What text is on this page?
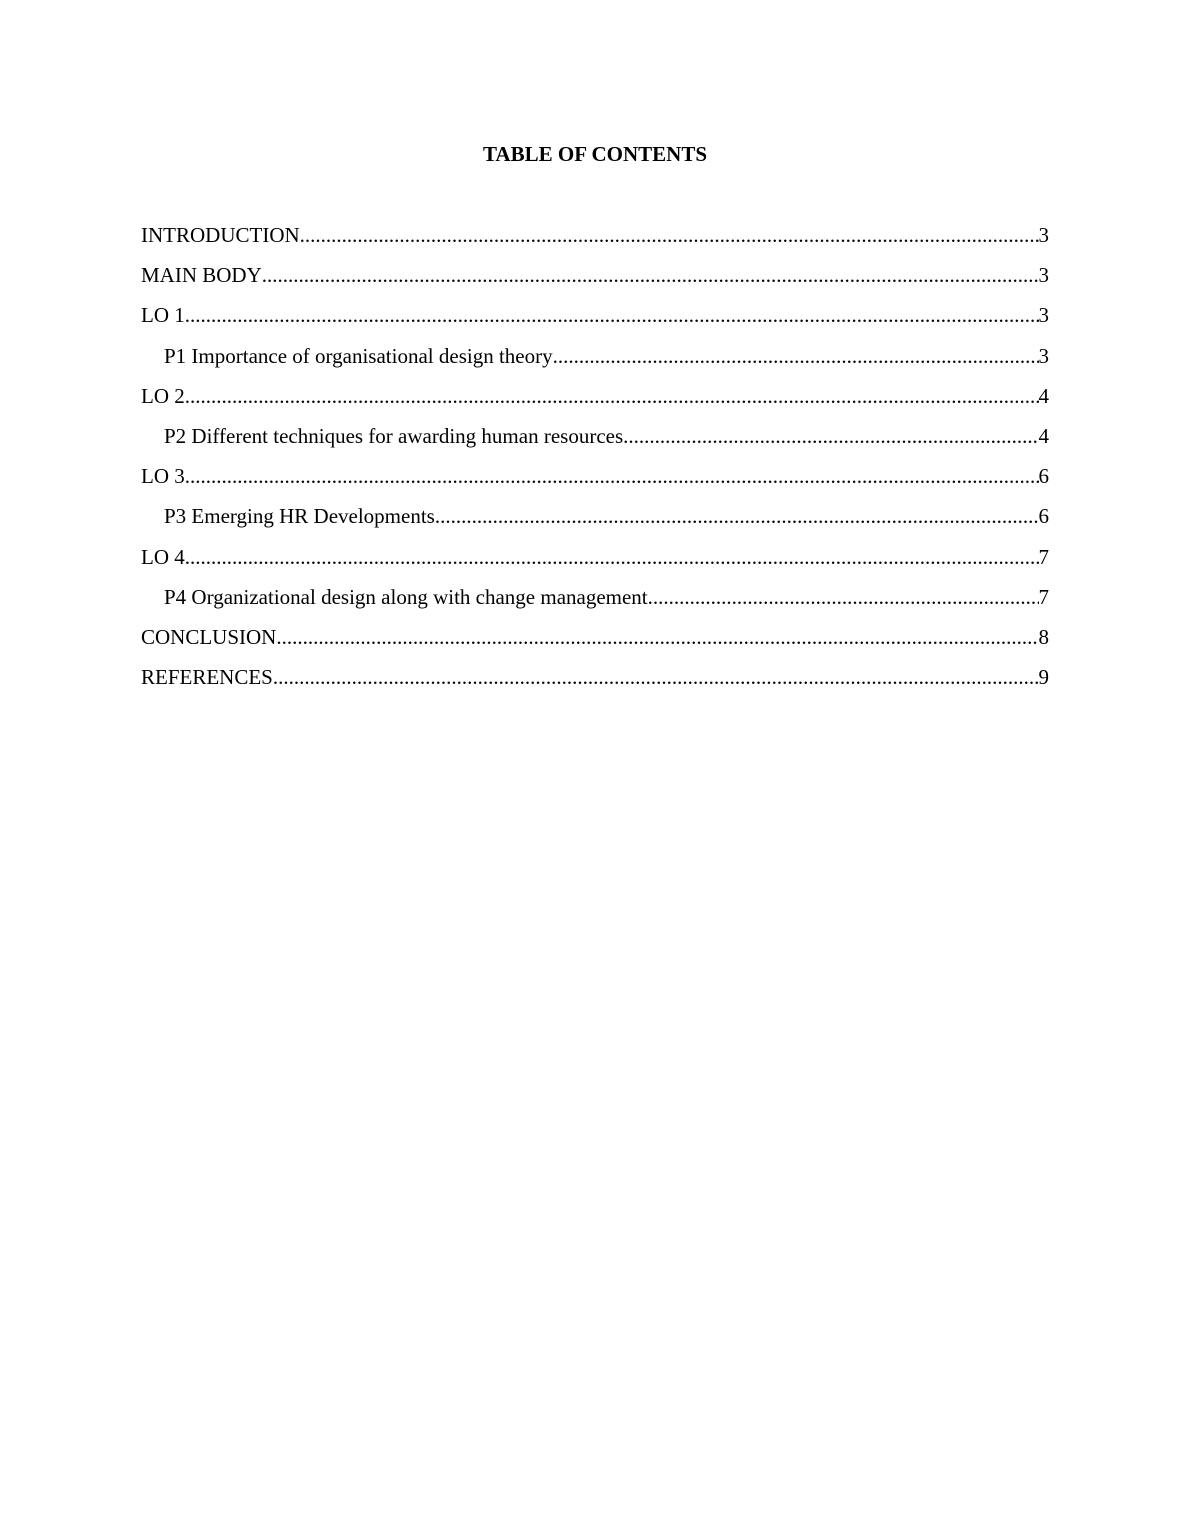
TABLE OF CONTENTS
INTRODUCTION .....	3
MAIN BODY .....	3
LO 1 .....	3
P1 Importance of organisational design theory .....	3
LO 2 .....	4
P2 Different techniques for awarding human resources .....	4
LO 3 .....	6
P3 Emerging HR Developments .....	6
LO 4 .....	7
P4 Organizational design along with change management .....	7
CONCLUSION .....	8
REFERENCES .....	9
